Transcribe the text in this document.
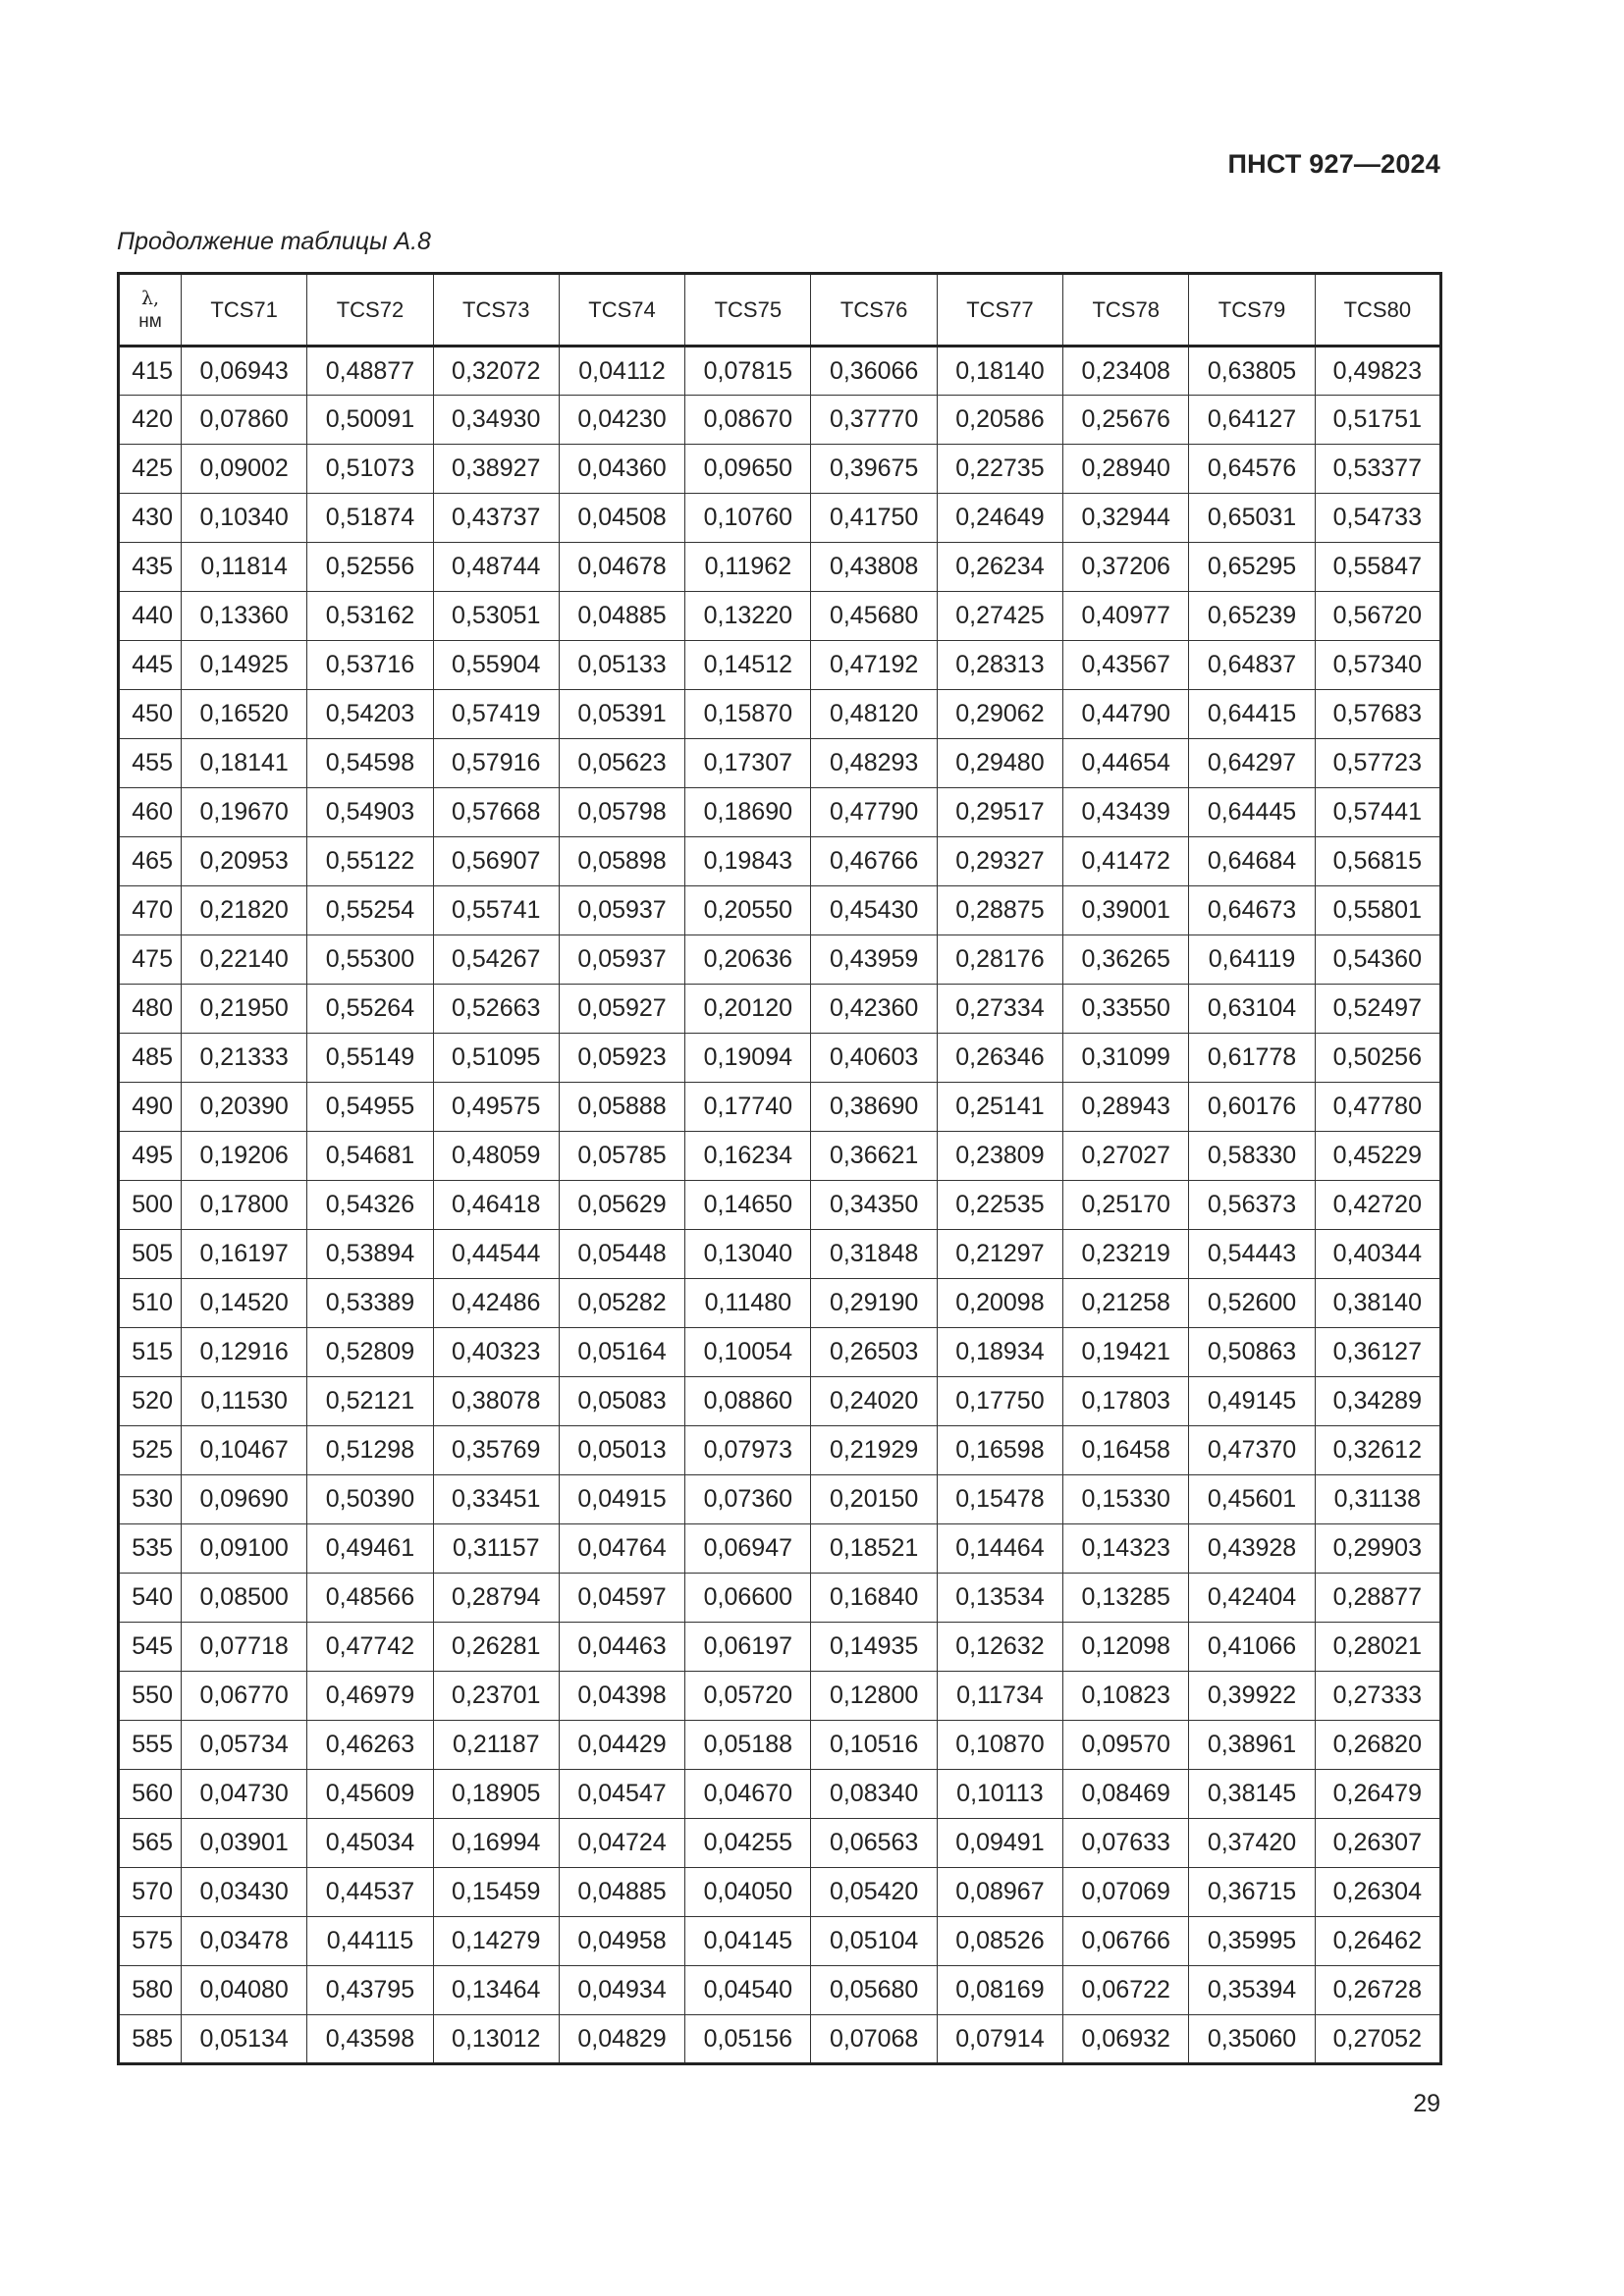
ПНСТ 927—2024
Продолжение таблицы А.8
λ,
нм	TCS71	TCS72	TCS73	TCS74	TCS75	TCS76	TCS77	TCS78	TCS79	TCS80
415	0,06943	0,48877	0,32072	0,04112	0,07815	0,36066	0,18140	0,23408	0,63805	0,49823
420	0,07860	0,50091	0,34930	0,04230	0,08670	0,37770	0,20586	0,25676	0,64127	0,51751
425	0,09002	0,51073	0,38927	0,04360	0,09650	0,39675	0,22735	0,28940	0,64576	0,53377
430	0,10340	0,51874	0,43737	0,04508	0,10760	0,41750	0,24649	0,32944	0,65031	0,54733
435	0,11814	0,52556	0,48744	0,04678	0,11962	0,43808	0,26234	0,37206	0,65295	0,55847
440	0,13360	0,53162	0,53051	0,04885	0,13220	0,45680	0,27425	0,40977	0,65239	0,56720
445	0,14925	0,53716	0,55904	0,05133	0,14512	0,47192	0,28313	0,43567	0,64837	0,57340
450	0,16520	0,54203	0,57419	0,05391	0,15870	0,48120	0,29062	0,44790	0,64415	0,57683
455	0,18141	0,54598	0,57916	0,05623	0,17307	0,48293	0,29480	0,44654	0,64297	0,57723
460	0,19670	0,54903	0,57668	0,05798	0,18690	0,47790	0,29517	0,43439	0,64445	0,57441
465	0,20953	0,55122	0,56907	0,05898	0,19843	0,46766	0,29327	0,41472	0,64684	0,56815
470	0,21820	0,55254	0,55741	0,05937	0,20550	0,45430	0,28875	0,39001	0,64673	0,55801
475	0,22140	0,55300	0,54267	0,05937	0,20636	0,43959	0,28176	0,36265	0,64119	0,54360
480	0,21950	0,55264	0,52663	0,05927	0,20120	0,42360	0,27334	0,33550	0,63104	0,52497
485	0,21333	0,55149	0,51095	0,05923	0,19094	0,40603	0,26346	0,31099	0,61778	0,50256
490	0,20390	0,54955	0,49575	0,05888	0,17740	0,38690	0,25141	0,28943	0,60176	0,47780
495	0,19206	0,54681	0,48059	0,05785	0,16234	0,36621	0,23809	0,27027	0,58330	0,45229
500	0,17800	0,54326	0,46418	0,05629	0,14650	0,34350	0,22535	0,25170	0,56373	0,42720
505	0,16197	0,53894	0,44544	0,05448	0,13040	0,31848	0,21297	0,23219	0,54443	0,40344
510	0,14520	0,53389	0,42486	0,05282	0,11480	0,29190	0,20098	0,21258	0,52600	0,38140
515	0,12916	0,52809	0,40323	0,05164	0,10054	0,26503	0,18934	0,19421	0,50863	0,36127
520	0,11530	0,52121	0,38078	0,05083	0,08860	0,24020	0,17750	0,17803	0,49145	0,34289
525	0,10467	0,51298	0,35769	0,05013	0,07973	0,21929	0,16598	0,16458	0,47370	0,32612
530	0,09690	0,50390	0,33451	0,04915	0,07360	0,20150	0,15478	0,15330	0,45601	0,31138
535	0,09100	0,49461	0,31157	0,04764	0,06947	0,18521	0,14464	0,14323	0,43928	0,29903
540	0,08500	0,48566	0,28794	0,04597	0,06600	0,16840	0,13534	0,13285	0,42404	0,28877
545	0,07718	0,47742	0,26281	0,04463	0,06197	0,14935	0,12632	0,12098	0,41066	0,28021
550	0,06770	0,46979	0,23701	0,04398	0,05720	0,12800	0,11734	0,10823	0,39922	0,27333
555	0,05734	0,46263	0,21187	0,04429	0,05188	0,10516	0,10870	0,09570	0,38961	0,26820
560	0,04730	0,45609	0,18905	0,04547	0,04670	0,08340	0,10113	0,08469	0,38145	0,26479
565	0,03901	0,45034	0,16994	0,04724	0,04255	0,06563	0,09491	0,07633	0,37420	0,26307
570	0,03430	0,44537	0,15459	0,04885	0,04050	0,05420	0,08967	0,07069	0,36715	0,26304
575	0,03478	0,44115	0,14279	0,04958	0,04145	0,05104	0,08526	0,06766	0,35995	0,26462
580	0,04080	0,43795	0,13464	0,04934	0,04540	0,05680	0,08169	0,06722	0,35394	0,26728
585	0,05134	0,43598	0,13012	0,04829	0,05156	0,07068	0,07914	0,06932	0,35060	0,27052
29
